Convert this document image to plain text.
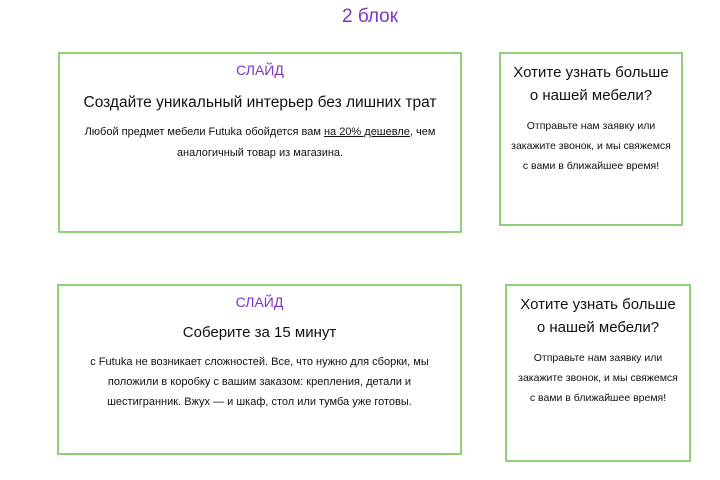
2 блок
СЛАЙД
Создайте уникальный интерьер без лишних трат
Любой предмет мебели Futuka обойдется вам на 20% дешевле, чем аналогичный товар из магазина.
Хотите узнать больше о нашей мебели?
Отправьте нам заявку или закажите звонок, и мы свяжемся с вами в ближайшее время!
СЛАЙД
Соберите за 15 минут
с Futuka не возникает сложностей. Все, что нужно для сборки, мы положили в коробку с вашим заказом: крепления, детали и шестигранник. Вжух — и шкаф, стол или тумба уже готовы.
Хотите узнать больше о нашей мебели?
Отправьте нам заявку или закажите звонок, и мы свяжемся с вами в ближайшее время!
